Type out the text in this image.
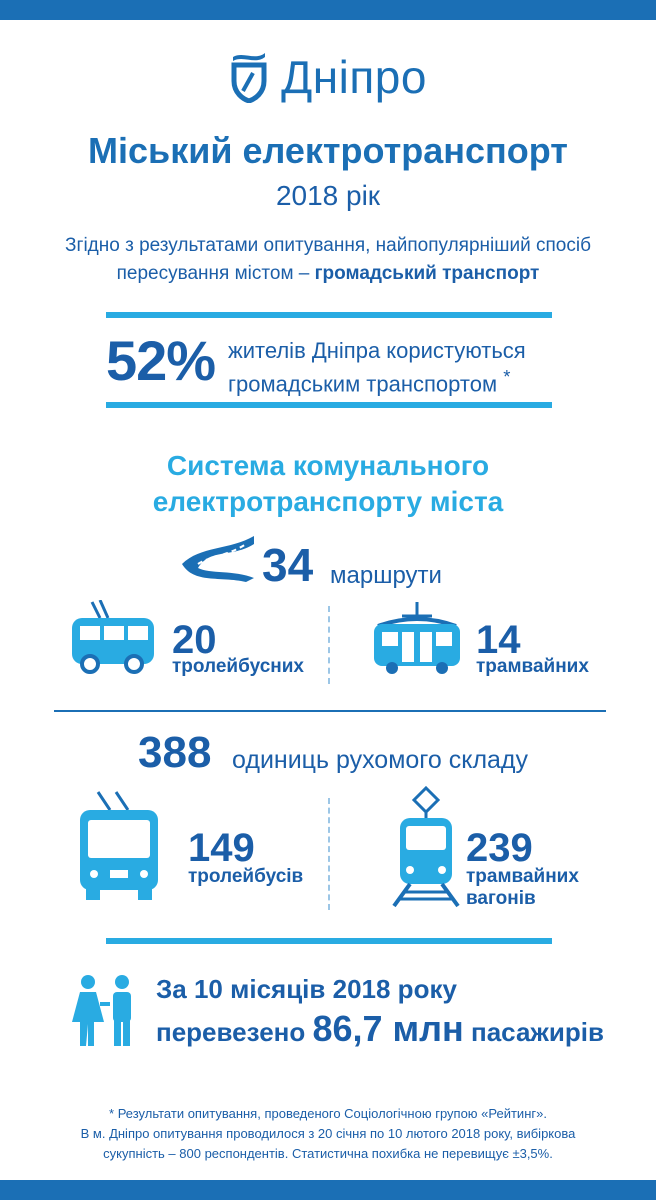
Дніпро
Міський електротранспорт
2018 рік
Згідно з результатами опитування, найпопулярніший спосіб пересування містом – громадський транспорт
52% жителів Дніпра користуються громадським транспортом *
Системa комунального
електротранспорту міста
34 маршрути
20
тролейбусних
14
трамвайних
388 одиниць рухомого складу
149
тролейбусів
239
трамвайних
вагонів
За 10 місяців 2018 року
перевезено 86,7 млн пасажирів
* Результати опитування, проведеного Соціологічною групою «Рейтинг».
В м. Дніпро опитування проводилося з 20 січня по 10 лютого 2018 року, вибіркова
сукупність – 800 респондентів. Статистична похибка не перевищує ±3,5%.
